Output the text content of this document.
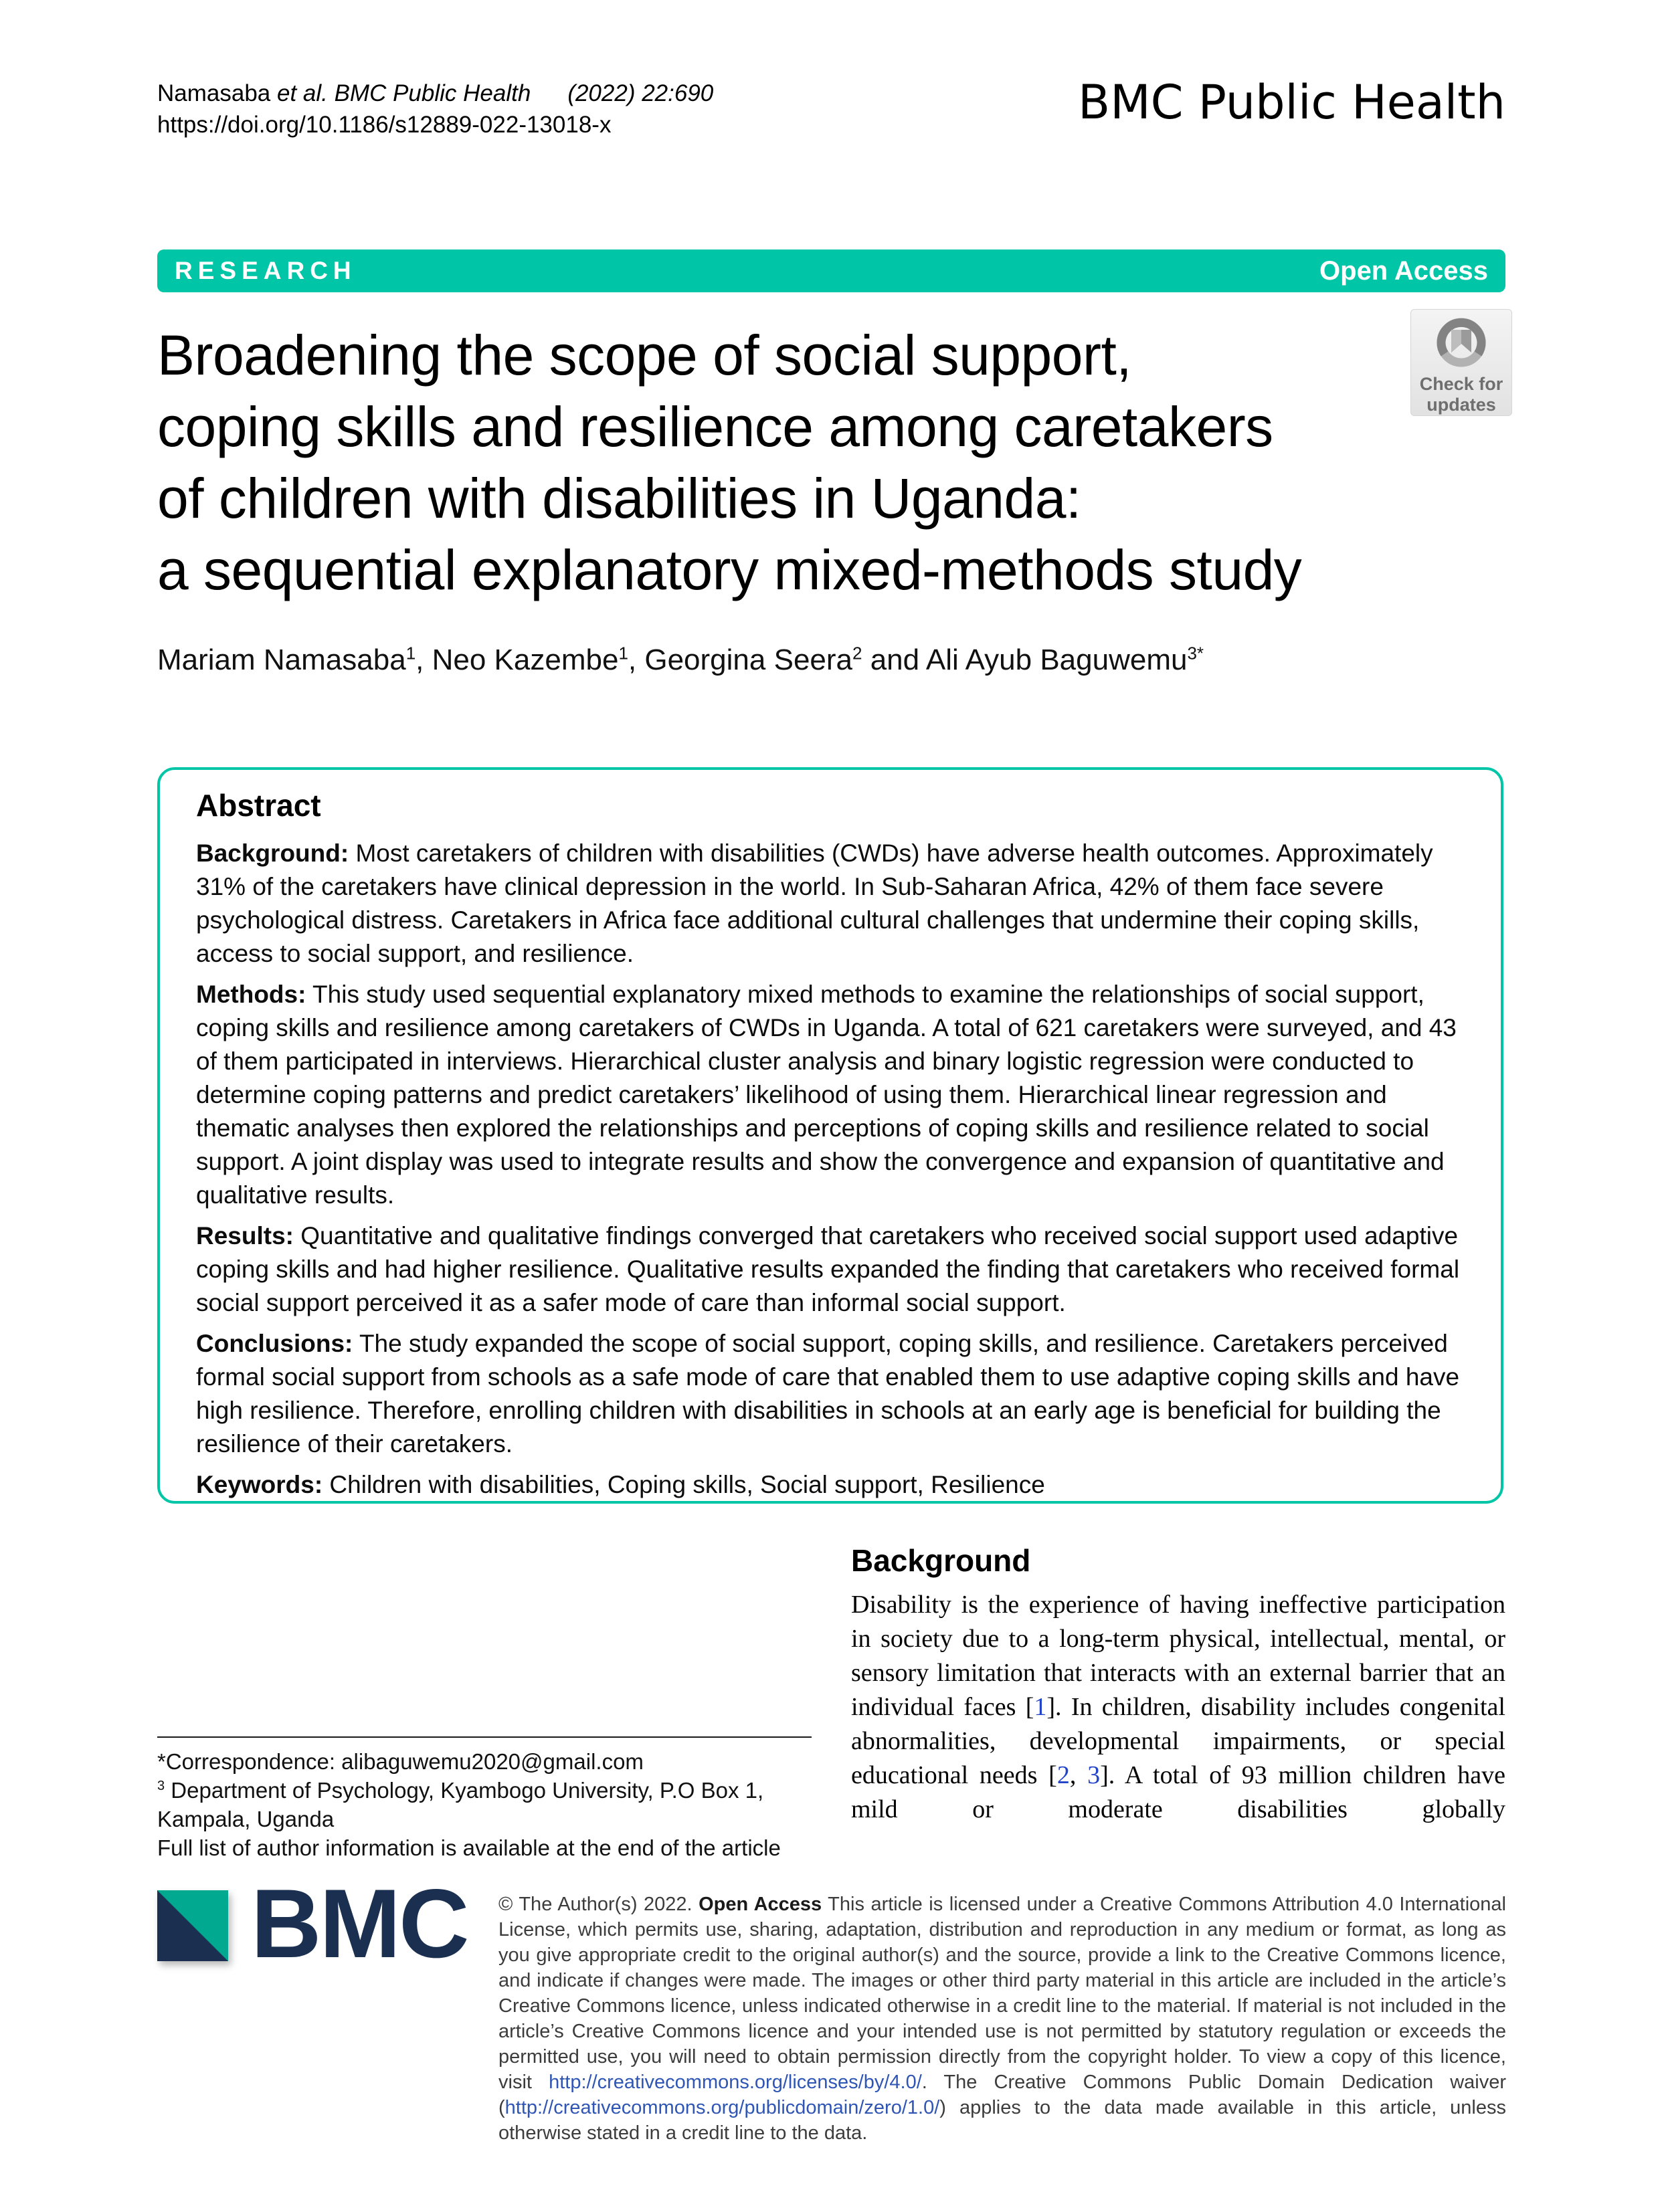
Namasaba et al. BMC Public Health (2022) 22:690
https://doi.org/10.1186/s12889-022-13018-x	BMC Public Health
RESEARCH	Open Access
Check for
updates
Broadening the scope of social support,
coping skills and resilience among caretakers
of children with disabilities in Uganda:
a sequential explanatory mixed-methods study
Mariam Namasaba$^1$, Neo Kazembe$^1$, Georgina Seera$^2$ and Ali Ayub Baguwemu$^{3*}$
Abstract

Background: Most caretakers of children with disabilities (CWDs) have adverse health outcomes. Approximately 31% of the caretakers have clinical depression in the world. In Sub-Saharan Africa, 42% of them face severe psychological distress. Caretakers in Africa face additional cultural challenges that undermine their coping skills, access to social support, and resilience.

Methods: This study used sequential explanatory mixed methods to examine the relationships of social support, coping skills and resilience among caretakers of CWDs in Uganda. A total of 621 caretakers were surveyed, and 43 of them participated in interviews. Hierarchical cluster analysis and binary logistic regression were conducted to determine coping patterns and predict caretakers’ likelihood of using them. Hierarchical linear regression and thematic analyses then explored the relationships and perceptions of coping skills and resilience related to social support. A joint display was used to integrate results and show the convergence and expansion of quantitative and qualitative results.

Results: Quantitative and qualitative findings converged that caretakers who received social support used adaptive coping skills and had higher resilience. Qualitative results expanded the finding that caretakers who received formal social support perceived it as a safer mode of care than informal social support.

Conclusions: The study expanded the scope of social support, coping skills, and resilience. Caretakers perceived formal social support from schools as a safe mode of care that enabled them to use adaptive coping skills and have high resilience. Therefore, enrolling children with disabilities in schools at an early age is beneficial for building the resilience of their caretakers.

Keywords: Children with disabilities, Coping skills, Social support, Resilience

Background

Disability is the experience of having ineffective participation in society due to a long-term physical, intellectual, mental, or sensory limitation that interacts with an external barrier that an individual faces [1]. In children, disability includes congenital abnormalities, developmental impairments, or special educational needs [2, 3]. A total of 93 million children have mild or moderate disabilities globally

*Correspondence: alibaguwemu2020@gmail.com
$^3$ Department of Psychology, Kyambogo University, P.O Box 1, Kampala, Uganda
Full list of author information is available at the end of the article
BMC © The Author(s) 2022. Open Access This article is licensed under a Creative Commons Attribution 4.0 International License, which permits use, sharing, adaptation, distribution and reproduction in any medium or format, as long as you give appropriate credit to the original author(s) and the source, provide a link to the Creative Commons licence, and indicate if changes were made. The images or other third party material in this article are included in the article’s Creative Commons licence, unless indicated otherwise in a credit line to the material. If material is not included in the article’s Creative Commons licence and your intended use is not permitted by statutory regulation or exceeds the permitted use, you will need to obtain permission directly from the copyright holder. To view a copy of this licence, visit http://creativecommons.org/licenses/by/4.0/. The Creative Commons Public Domain Dedication waiver (http://creativecommons.org/publicdomain/zero/1.0/) applies to the data made available in this article, unless otherwise stated in a credit line to the data.
